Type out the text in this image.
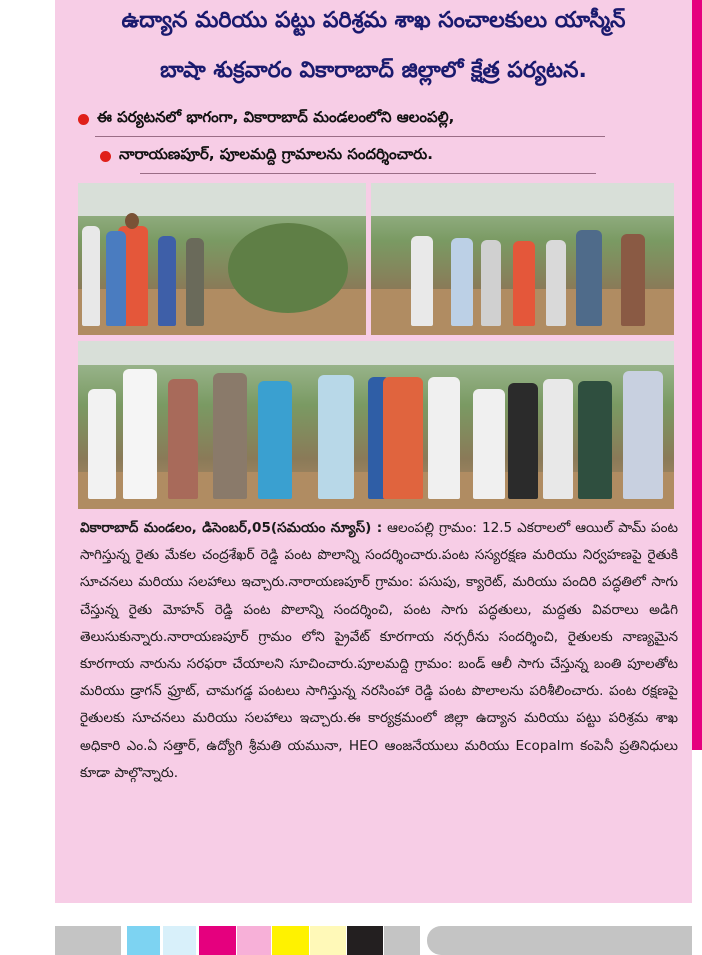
ఉద్యాన మరియు పట్టు పరిశ్రమ శాఖ సంచాలకులు యాస్మీన్
బాషా శుక్రవారం వికారాబాద్ జిల్లాలో క్షేత్ర పర్యటన.
ఈ పర్యటనలో భాగంగా, వికారాబాద్ మండలంలోని ఆలంపల్లి,
నారాయణపూర్, పూలమద్ది గ్రామాలను సందర్శించారు.
వికారాబాద్ మండలం, డిసెంబర్,05(సమయం న్యూస్) : ఆలంపల్లి గ్రామం: 12.5 ఎకరాలలో ఆయిల్ పామ్ పంట సాగిస్తున్న రైతు మేకల చంద్రశేఖర్ రెడ్డి పంట పొలాన్ని సందర్శించారు.పంట సస్యరక్షణ మరియు నిర్వహణపై రైతుకి సూచనలు మరియు సలహాలు ఇచ్చారు.నారాయణపూర్ గ్రామం: పసుపు, క్యారెట్, మరియు పందిరి పద్ధతిలో సాగు చేస్తున్న రైతు మోహన్ రెడ్డి పంట పొలాన్ని సందర్శించి, పంట సాగు పద్ధతులు, మద్దతు వివరాలు అడిగి తెలుసుకున్నారు.నారాయణపూర్ గ్రామం లోని ప్రైవేట్ కూరగాయ నర్సరీను సందర్శించి, రైతులకు నాణ్యమైన కూరగాయ నారును సరఫరా చేయాలని సూచించారు.పూలమద్ది గ్రామం: బండ్ ఆలీ సాగు చేస్తున్న బంతి పూలతోట మరియు డ్రాగన్ ఫ్రూట్, చామగడ్డ పంటలు సాగిస్తున్న నరసింహా రెడ్డి పంట పొలాలను పరిశీలించారు. పంట రక్షణపై రైతులకు సూచనలు మరియు సలహాలు ఇచ్చారు.ఈ కార్యక్రమంలో జిల్లా ఉద్యాన మరియు పట్టు పరిశ్రమ శాఖ అధికారి ఎం.ఏ సత్తార్, ఉద్యోగి శ్రీమతి యమునా, HEO ఆంజనేయులు మరియు Ecopalm కంపెనీ ప్రతినిధులు కూడా పాల్గొన్నారు.
